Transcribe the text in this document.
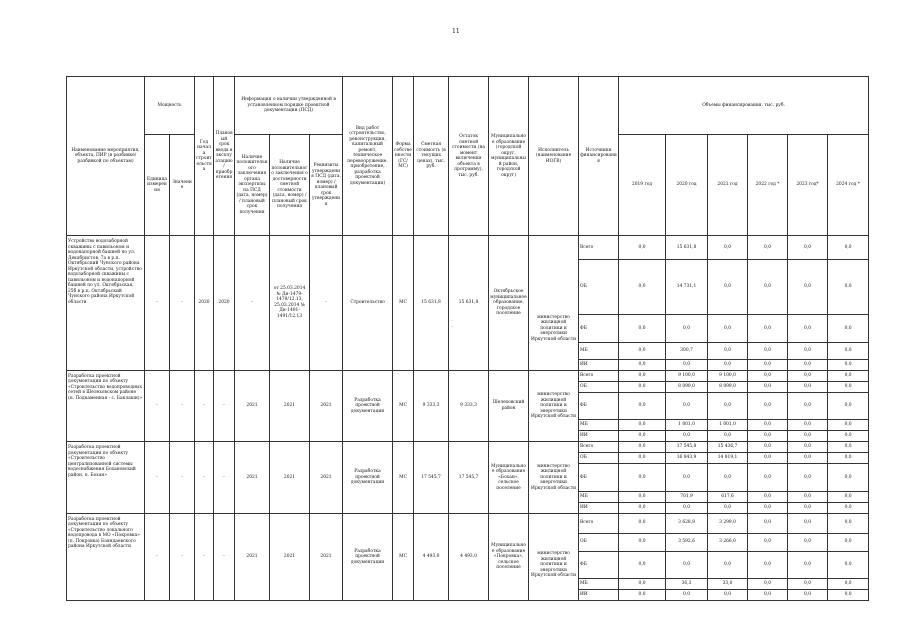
11
Наименование мероприятия, объекта, ПИР (в разбивке/разбивкой по объектам)	Мощность		Год начала строительства	Плановый срок ввода в эксплуатацию/ приобретения	Информация о наличии утвержденной в установленном порядке проектной документации (ПСД)			Вид работ (строительство, реконструкция, капитальный ремонт, техническое перевооружение, приобретение, разработка проектной документации)	Форма собственности (ГС/МС)	Сметная стоимость (в текущих ценах), тыс. руб.	Остаток сметной стоимости (на момент включения объекта в программу), тыс. руб.	Муниципальное образование (городской округ, муниципальный район, городской округ)	Исполнитель (наименование ИОГВ)	Источники финансирования	Объемы финансирования, тыс. руб.					
	Единица измерения	Значение			Наличие положительного заключения органа экспертизы на ПСД (дата, номер) / плановый срок получения	Наличие положительного заключения о достоверности сметной стоимости (дата, номер) / плановый срок получения	Реквизиты утверждения ПСД (дата, номер) / плановый срок утверждения								2019 год	2020 год	2021 год	2022 год *	2023 год*	2024 год *
Устройство водозаборной скважины с павильоном и водонапорной башней по ул. Декабристов, 7а в р.п. Октябрьский Чунского района Иркутской области, устройство водозаборной скважины с павильоном и водонапорной башней по ул. Октябрьская, 25б в р.п. Октябрьский Чунского района Иркутской области	-	-	2020	2020	-	от 25.03.2014 № Дн-1479-1479/12.13, 25.03.2014 № Дн-1491-1491/12.13	-	Строительство	МС	15 631,8	15 631,8	Октябрьское муниципальное образование, городское поселение		Всего	0,0	15 631,8	0,0	0,0	0,0	0,0
														ОБ	0,0	14 731,1	0,0	0,0	0,0	0,0
													министерство жилищной политики и энергетики Иркутской области	ФБ	0,0	0,0	0,0	0,0	0,0	0,0
														МБ	0,0	300,7	0,0	0,0	0,0	0,0
														ИИ	0,0	0,0	0,0	0,0	0,0	0,0
Разработка проектной документации по объекту «Строительство водопроводных сетей в Шелеховском районе (п. Подкаменная - с. Баклаши)»	-	-	-	-	2021	2021	2021	Разработка проектной документации	МС	9 333,3	9 333,3	Шелеховский район		Всего	0,0	9 100,0	9 100,0	0,0	0,0	0,0
														ОБ	0,0	8 099,0	8 099,0	0,0	0,0	0,0
													министерство жилищной политики и энергетики Иркутской области	ФБ	0,0	0,0	0,0	0,0	0,0	0,0
														МБ	0,0	1 001,0	1 001,0	0,0	0,0	0,0
														ИИ	0,0	0,0	0,0	0,0	0,0	0,0
Разработка проектной документации по объекту «Строительство централизованной системы водоснабжения Бохановский район, п. Бохан»	-	-	-	-	2021	2021	2021	Разработка проектной документации	МС	17 545,7	17 545,7	Муниципальное образование «Бохан», сельское поселение		Всего	0,0	17 545,8	15 436,7	0,0	0,0	0,0
														ОБ	0,0	16 843,9	14 819,1	0,0	0,0	0,0
													министерство жилищной политики и энергетики Иркутской области	ФБ	0,0	0,0	0,0	0,0	0,0	0,0
														МБ	0,0	701,9	617,6	0,0	0,0	0,0
														ИИ	0,0	0,0	0,0	0,0	0,0	0,0
Разработка проектной документации по объекту «Строительство локального водопровода в МО «Покровка» (п. Покровка) Баяндаевского района Иркутской области	-	-	-	-	2021	2021	2021	Разработка проектной документации	МС	4 493,0	4 493,0	Муниципальное образование «Покровка», сельское поселение		Всего	0,0	3 628,9	3 299,0	0,0	0,0	0,0
														ОБ	0,0	3 592,6	3 266,0	0,0	0,0	0,0
													министерство жилищной политики и энергетики Иркутской области	ФБ	0,0	0,0	0,0	0,0	0,0	0,0
														МБ	0,0	36,3	33,0	0,0	0,0	0,0
														ИИ	0,0	0,0	0,0	0,0	0,0	0,0
- ·
· -
